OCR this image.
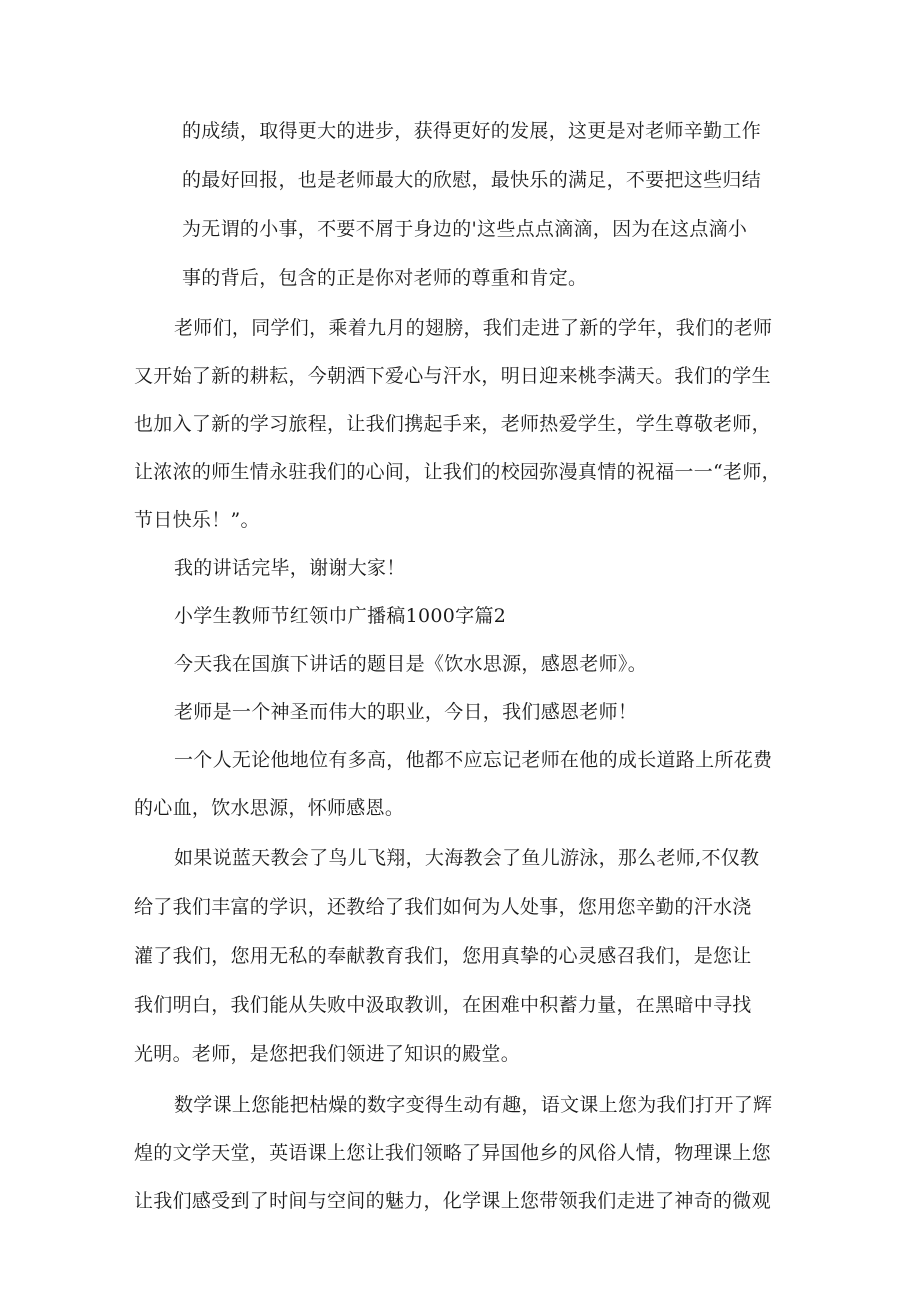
的成绩，取得更大的进步，获得更好的发展，这更是对老师辛勤工作
的最好回报，也是老师最大的欣慰，最快乐的满足，不要把这些归结
为无谓的小事，不要不屑于身边的'这些点点滴滴，因为在这点滴小
事的背后，包含的正是你对老师的尊重和肯定。
老师们，同学们，乘着九月的翅膀，我们走进了新的学年，我们的老师
又开始了新的耕耘，今朝洒下爱心与汗水，明日迎来桃李满天。我们的学生
也加入了新的学习旅程，让我们携起手来，老师热爱学生，学生尊敬老师，
让浓浓的师生情永驻我们的心间，让我们的校园弥漫真情的祝福一一“老师，
节日快乐！”。
我的讲话完毕，谢谢大家！
小学生教师节红领巾广播稿1000字篇2
今天我在国旗下讲话的题目是《饮水思源，感恩老师》。
老师是一个神圣而伟大的职业，今日，我们感恩老师！
一个人无论他地位有多高，他都不应忘记老师在他的成长道路上所花费
的心血，饮水思源，怀师感恩。
如果说蓝天教会了鸟儿飞翔，大海教会了鱼儿游泳，那么老师,不仅教
给了我们丰富的学识，还教给了我们如何为人处事，您用您辛勤的汗水浇
灌了我们，您用无私的奉献教育我们，您用真挚的心灵感召我们，是您让
我们明白，我们能从失败中汲取教训，在困难中积蓄力量，在黑暗中寻找
光明。老师，是您把我们领进了知识的殿堂。
数学课上您能把枯燥的数字变得生动有趣，语文课上您为我们打开了辉
煌的文学天堂，英语课上您让我们领略了异国他乡的风俗人情，物理课上您
让我们感受到了时间与空间的魅力，化学课上您带领我们走进了神奇的微观
